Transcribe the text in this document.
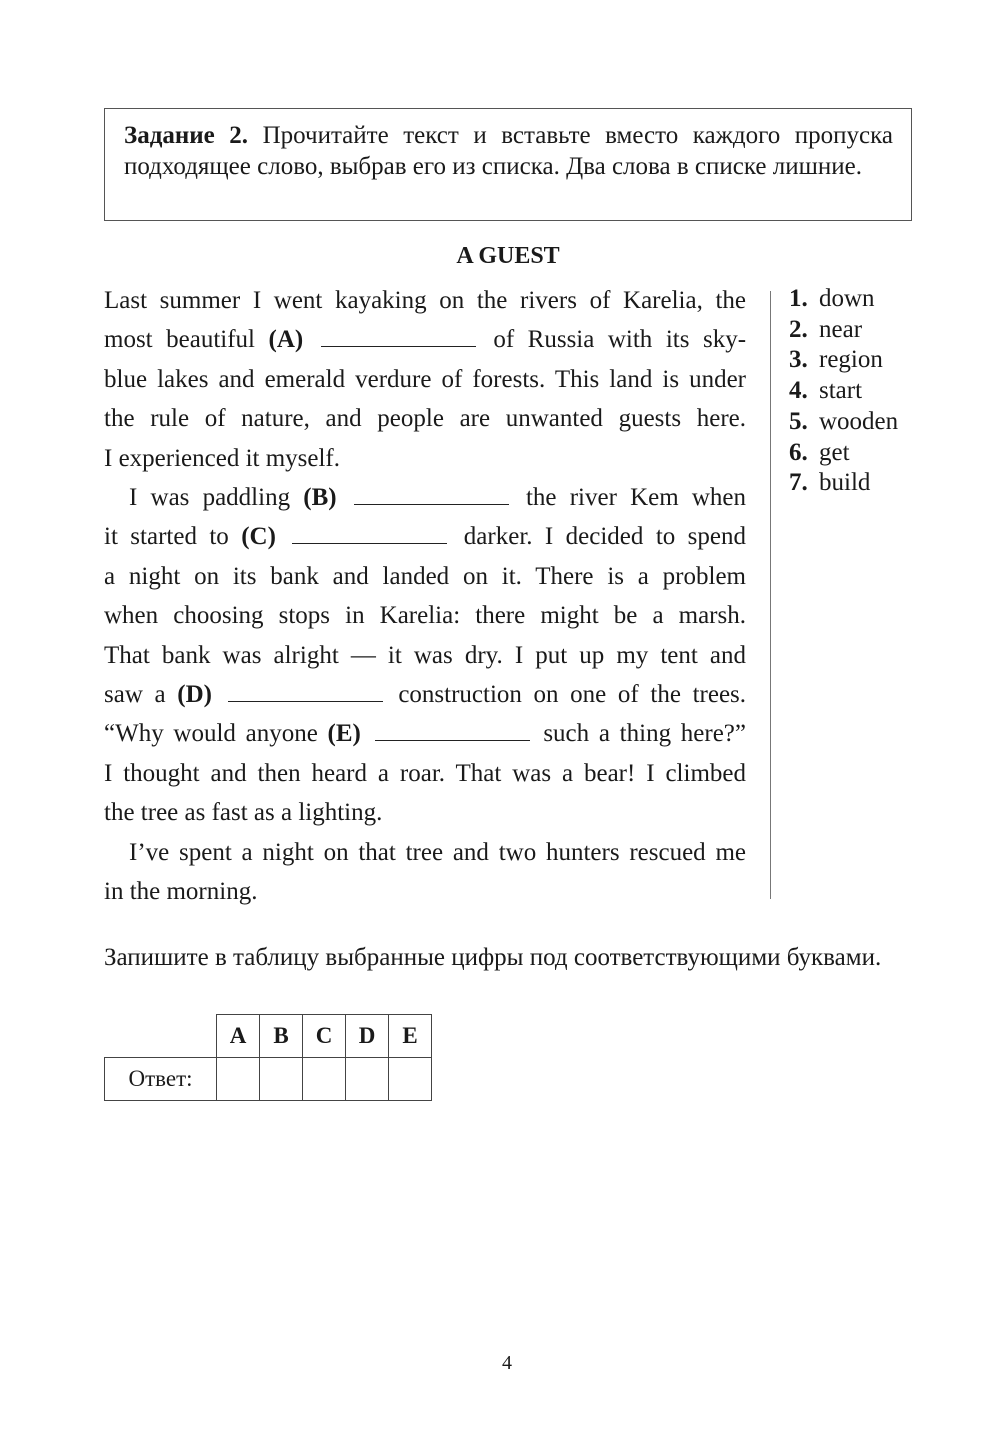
Задание 2. Прочитайте текст и вставьте вместо каждого пропуска подходящее слово, выбрав его из списка. Два слова в списке лишние.
A GUEST

Last summer I went kayaking on the rivers of Karelia, the

most beautiful (A)	of Russia with its sky-

blue lakes and emerald verdure of forests. This land is under

the rule of nature, and people are unwanted guests here.

I experienced it myself.

I was paddling (B)	the river Kem when

it started to (C)	darker. I decided to spend

a night on its bank and landed on it. There is a problem

when choosing stops in Karelia: there might be a marsh.

That bank was alright — it was dry. I put up my tent and

saw a (D)	construction on one of the trees.

“Why would anyone (E)	such a thing here?”

I thought and then heard a roar. That was a bear! I climbed

the tree as fast as a lighting.

I’ve spent a night on that tree and two hunters rescued me

in the morning.

1. down
2. near
3. region
4. start
5. wooden
6. get
7. build
Запишите в таблицу выбранные цифры под соответствующими буквами.
	A	B	C	D	E
Ответ:					
4
